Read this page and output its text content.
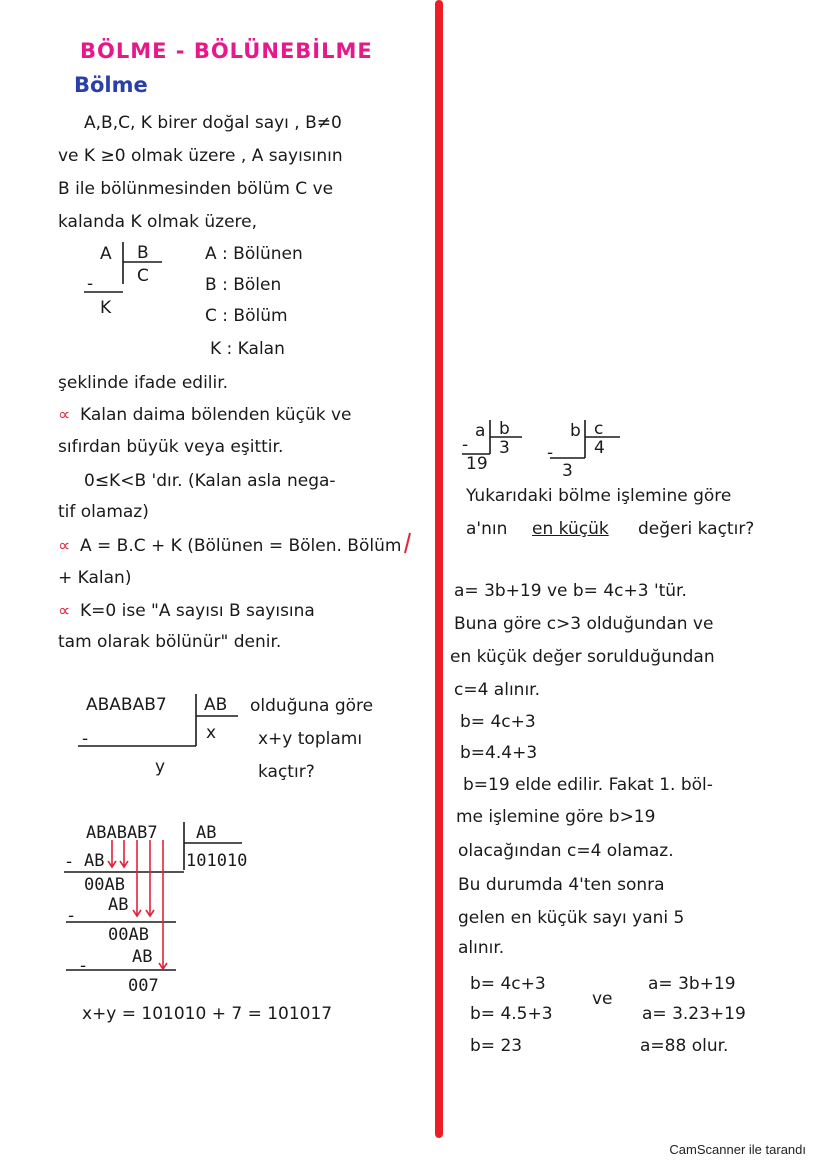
BÖLME - BÖLÜNEBİLME
Bölme
A,B,C, K birer doğal sayı , B≠0
ve K ≥0 olmak üzere , A sayısının
B ile bölünmesinden bölüm C ve
kalanda K olmak üzere,
A B
C
-
K
A : Bölünen
B : Bölen
C : Bölüm
K : Kalan
şeklinde ifade edilir.
∝ Kalan daima bölenden küçük ve
sıfırdan büyük veya eşittir.
0≤K<B 'dır. (Kalan asla nega-
tif olamaz)
∝ A = B.C + K (Bölünen = Bölen. Bölüm
+ Kalan)
∝ K=0 ise "A sayısı B sayısına
tam olarak bölünür" denir.
ABABAB7 AB
x
-
y
olduğuna göre
x+y toplamı
kaçtır?
ABABAB7 AB
101010
- AB
00AB
-
AB
00AB
-	AB
007
x+y = 101010 + 7 = 101017
a b
3
-
19
b c
4
-
3
Yukarıdaki bölme işlemine göre
a'nın en küçük değeri kaçtır?
a= 3b+19 ve b= 4c+3 'tür.
Buna göre c>3 olduğundan ve
en küçük değer sorulduğundan
c=4 alınır.
b= 4c+3
b=4.4+3
b=19 elde edilir. Fakat 1. böl-
me işlemine göre b>19
olacağından c=4 olamaz.
Bu durumda 4'ten sonra
gelen en küçük sayı yani 5
alınır.
b= 4c+3
b= 4.5+3
b= 23
ve
a= 3b+19
a= 3.23+19
a=88 olur.
CamScanner ile tarandı
